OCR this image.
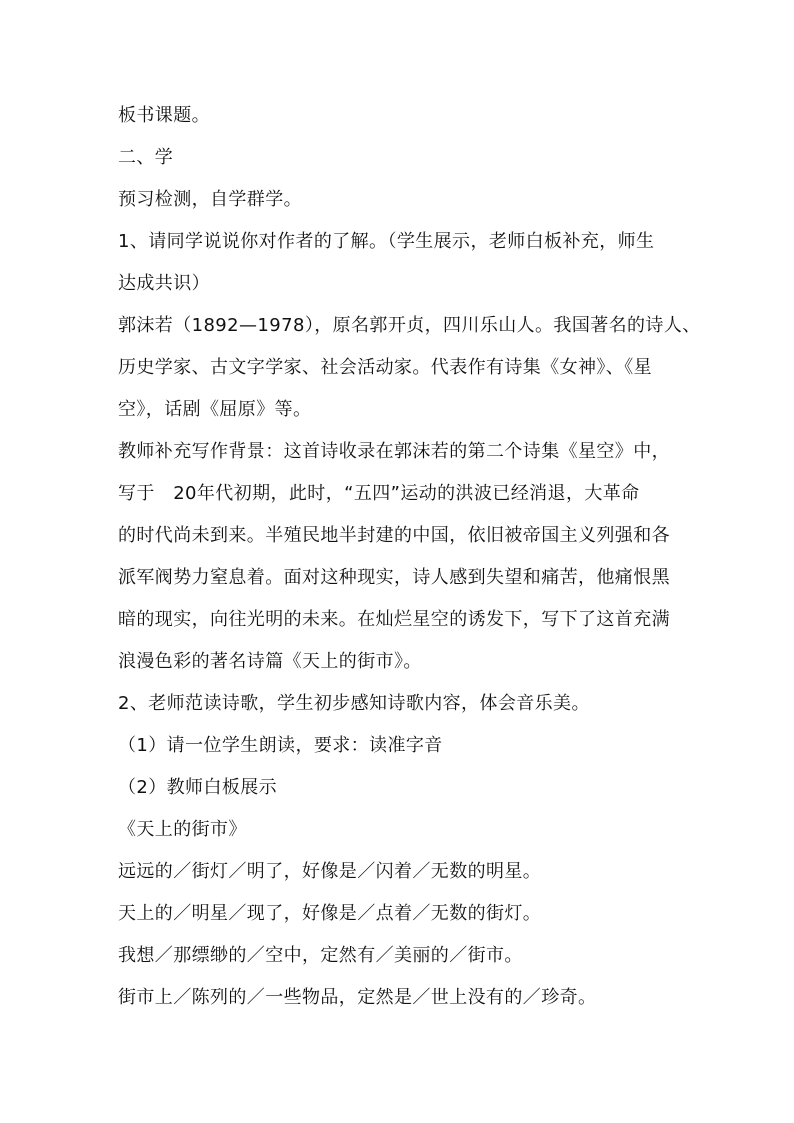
板书课题。
二、学
预习检测，自学群学。
1、请同学说说你对作者的了解。（学生展示，老师白板补充，师生
达成共识）
郭沫若（1892—1978），原名郭开贞，四川乐山人。我国著名的诗人、
历史学家、古文字学家、社会活动家。代表作有诗集《女神》、《星
空》，话剧《屈原》等。
教师补充写作背景：这首诗收录在郭沫若的第二个诗集《星空》中，
写于　20年代初期，此时，“五四”运动的洪波已经消退，大革命
的时代尚未到来。半殖民地半封建的中国，依旧被帝国主义列强和各
派军阀势力窒息着。面对这种现实，诗人感到失望和痛苦，他痛恨黑
暗的现实，向往光明的未来。在灿烂星空的诱发下，写下了这首充满
浪漫色彩的著名诗篇《天上的街市》。
2、老师范读诗歌，学生初步感知诗歌内容，体会音乐美。
（1）请一位学生朗读，要求：读准字音
（2）教师白板展示
《天上的街市》
远远的／街灯／明了，好像是／闪着／无数的明星。
天上的／明星／现了，好像是／点着／无数的街灯。
我想／那缥缈的／空中，定然有／美丽的／街市。
街市上／陈列的／一些物品，定然是／世上没有的／珍奇。
